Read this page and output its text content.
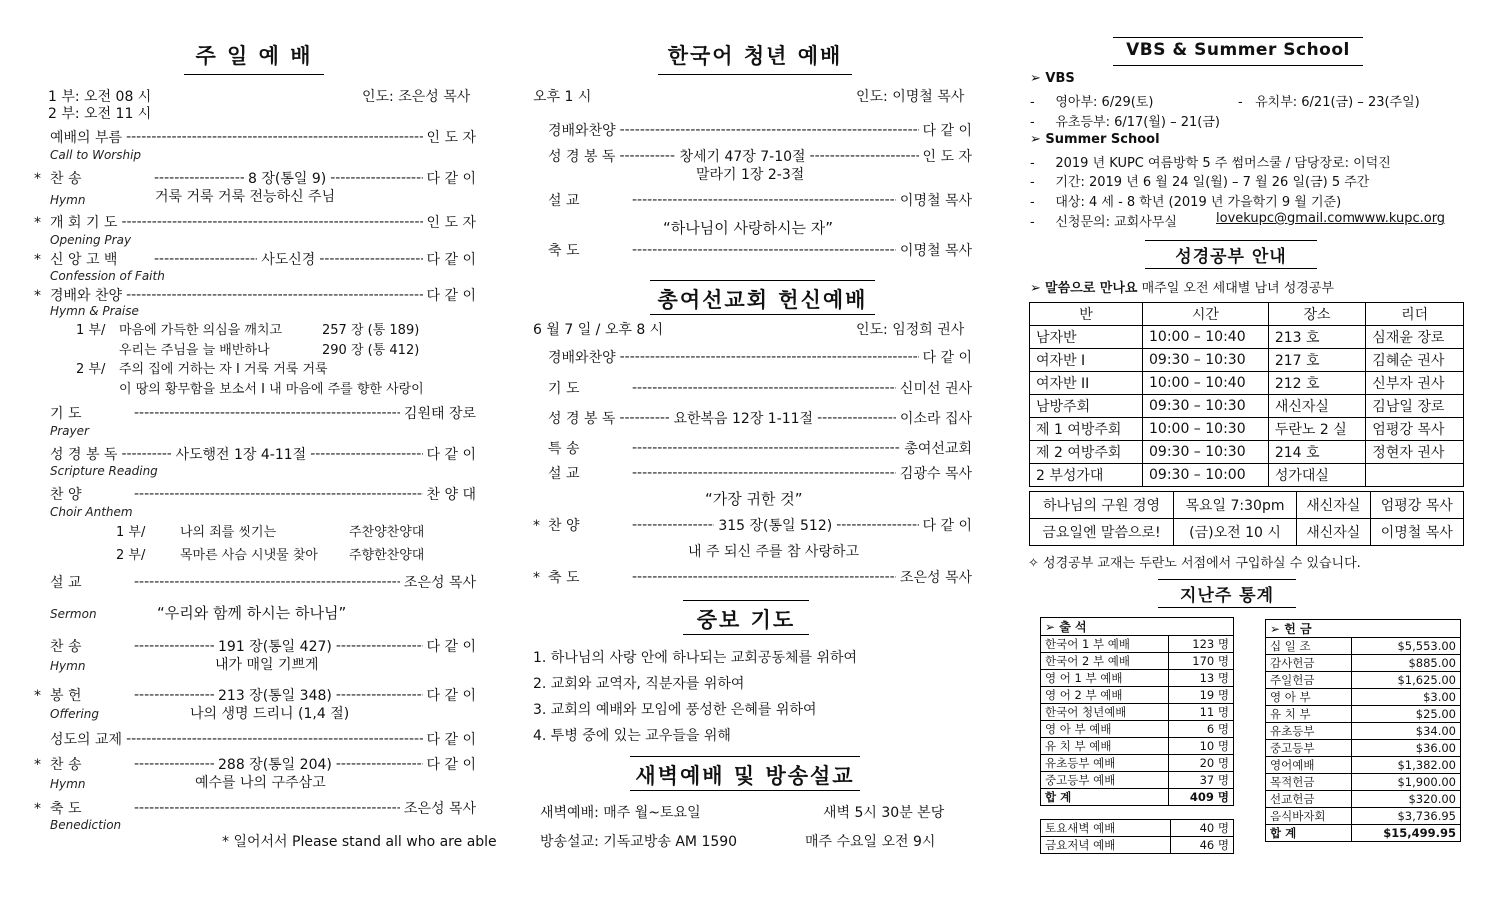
주 일 예 배
1 부: 오전 08 시
2 부: 오전 11 시
인도: 조은성 목사
예배의 부름 -----	인 도 자
Call to Worship
* 찬 송 -----	8 장(통일 9) -----	다 같 이
Hymn	거룩 거룩 거룩 전능하신 주님
* 개 회 기 도 -----	인 도 자
Opening Pray
* 신 앙 고 백 -----	사도신경 -----	다 같 이
Confession of Faith
* 경배와 찬양 -----	다 같 이
Hymn & Praise
1 부/ 마음에 가득한 의심을 깨치고	257 장 (통 189)
우리는 주님을 늘 배반하나	290 장 (통 412)
2 부/ 주의 집에 거하는 자 I 거룩 거룩 거룩
이 땅의 황무함을 보소서 I 내 마음에 주를 향한 사랑이
기 도 -----	김원태 장로
Prayer
성 경 봉 독 -----	사도행전 1장 4-11절 -----	다 같 이
Scripture Reading
찬 양 -----	찬 양 대
Choir Anthem
1 부/	나의 죄를 씻기는	주찬양찬양대
2 부/	목마른 사슴 시냇물 찾아 주향한찬양대
설 교 -----	조은성 목사
Sermon	“우리와 함께 하시는 하나님”
찬 송 -----	191 장(통일 427) -----	다 같 이
Hymn	내가 매일 기쁘게
* 봉 헌 -----	213 장(통일 348) -----	다 같 이
Offering	나의 생명 드리니 (1,4 절)
성도의 교제 -----	다 같 이
* 찬 송 -----	288 장(통일 204) -----	다 같 이
Hymn	예수를 나의 구주삼고
* 축 도 -----	조은성 목사
Benediction
* 일어서서 Please stand all who are able
한국어 청년 예배
오후 1 시	인도: 이명철 목사
경배와찬양 -----	다 같 이
성 경 봉 독 -----	창세기 47장 7-10절 -----	인 도 자
말라기 1장 2-3절
설 교 -----	이명철 목사
“하나님이 사랑하시는 자”
축 도 -----	이명철 목사
총여선교회 헌신예배
6 월 7 일 / 오후 8 시	인도: 임정희 권사
경배와찬양 -----	다 같 이
기 도 -----	신미선 권사
성 경 봉 독 -----	요한복음 12장 1-11절 -----	이소라 집사
특 송 -----	총여선교회
설 교 -----	김광수 목사
“가장 귀한 것”
* 찬 양 -----	315 장(통일 512) -----	다 같 이
내 주 되신 주를 참 사랑하고
* 축 도 -----	조은성 목사
중보 기도
1. 하나님의 사랑 안에 하나되는 교회공동체를 위하여
2. 교회와 교역자, 직분자를 위하여
3. 교회의 예배와 모임에 풍성한 은혜를 위하여
4. 투병 중에 있는 교우들을 위해
새벽예배 및 방송설교
새벽예배: 매주 월~토요일	새벽 5시 30분 본당
방송설교: 기독교방송 AM 1590	매주 수요일 오전 9시
VBS & Summer School
➢ VBS
-     영아부: 6/29(토)	-   유치부: 6/21(금) – 23(주일)
-     유초등부: 6/17(월) – 21(금)
➢ Summer School
-     2019 년 KUPC 여름방학 5 주 썸머스쿨 / 담당장로: 이덕진
-     기간: 2019 년 6 월 24 일(월) – 7 월 26 일(금) 5 주간
-     대상: 4 세 - 8 학년 (2019 년 가을학기 9 월 기준)
-     신청문의: 교회사무실	lovekupc@gmail.com
www.kupc.org
성경공부 안내
➢ 말씀으로 만나요 매주일 오전 세대별 남녀 성경공부
반	시간	장소	리더
남자반	10:00 – 10:40	213 호	심재윤 장로
여자반 I	09:30 – 10:30	217 호	김혜순 권사
여자반 II	10:00 – 10:40	212 호	신부자 권사
남방주회	09:30 – 10:30	새신자실	김남일 장로
제 1 여방주회	10:00 – 10:30	두란노 2 실	엄평강 목사
제 2 여방주회	09:30 – 10:30	214 호	정현자 권사
2 부성가대	09:30 – 10:00	성가대실	
하나님의 구원 경영	목요일 7:30pm	새신자실	엄평강 목사
금요일엔 말씀으로!	(금)오전 10 시	새신자실	이명철 목사
✧ 성경공부 교재는 두란노 서점에서 구입하실 수 있습니다.
지난주 통계
➢ 출 석	
한국어 1 부 예배	123 명
한국어 2 부 예배	170 명
영 어 1 부 예배	13 명
영 어 2 부 예배	19 명
한국어 청년예배	11 명
영 아 부 예배	6 명
유 치 부 예배	10 명
유초등부 예배	20 명
중고등부 예배	37 명
합 계	409 명
토요새벽 예배	40 명
금요저녁 예배	46 명
➢ 헌 금	
십 일 조	$5,553.00
감사헌금	$885.00
주일헌금	$1,625.00
영 아 부	$3.00
유 치 부	$25.00
유초등부	$34.00
중고등부	$36.00
영어예배	$1,382.00
목적헌금	$1,900.00
선교헌금	$320.00
음식바자회	$3,736.95
합 계	$15,499.95
